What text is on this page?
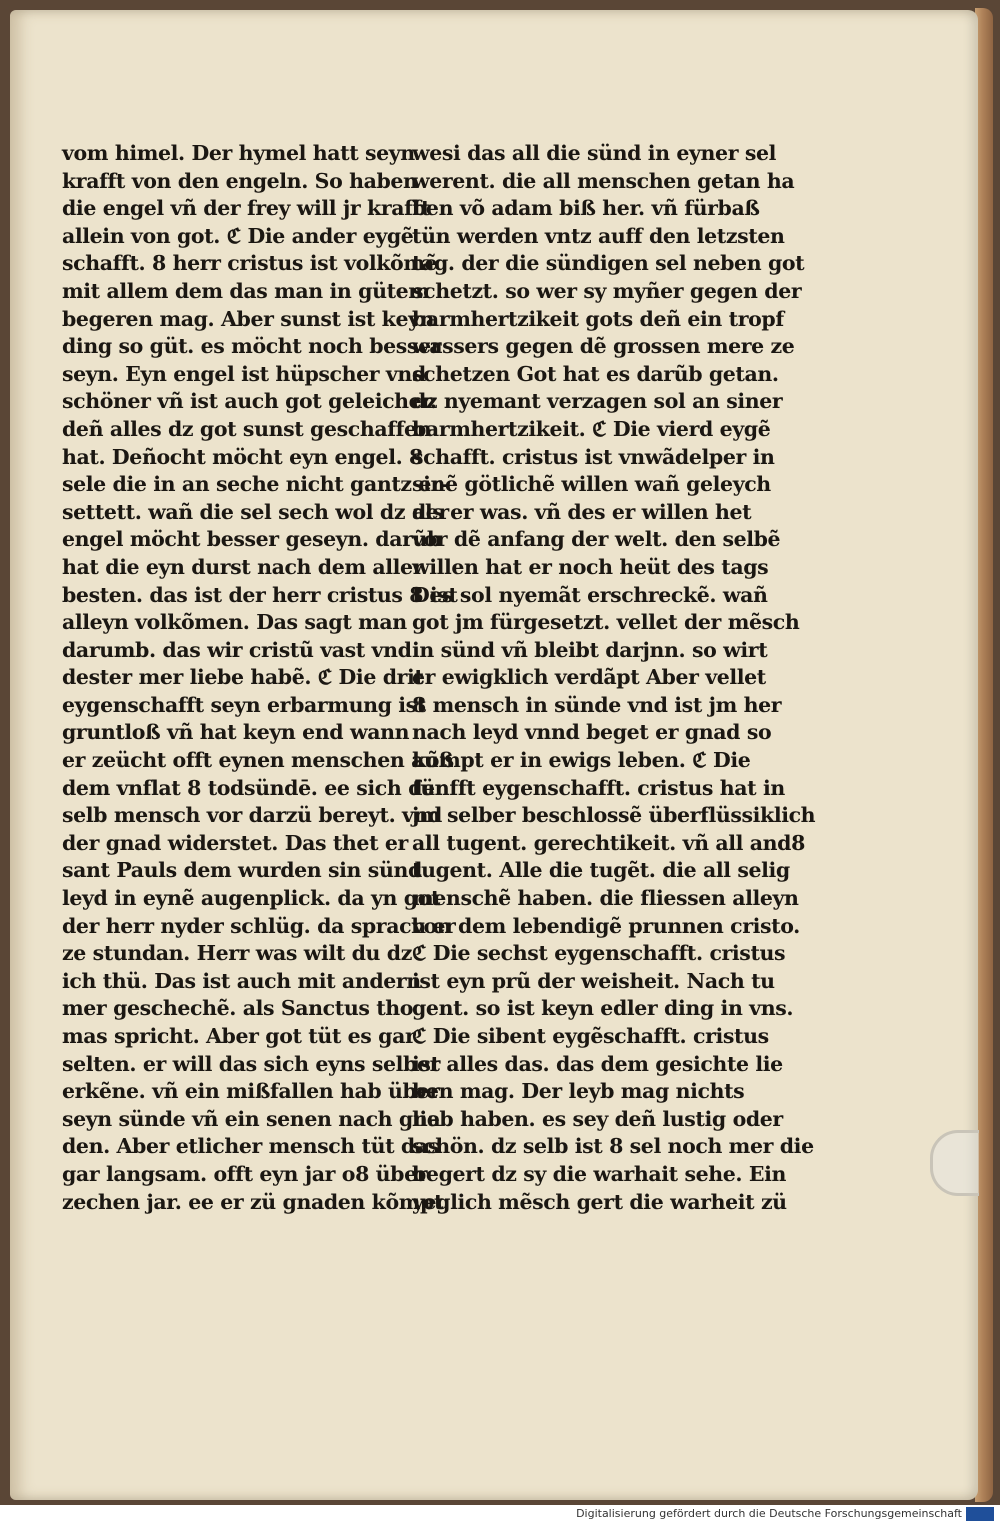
vom himel. Der hymel hatt seyn
krafft von den engeln. So haben
die engel vñ der frey will jr krafft
allein von got. ℭ Die ander eygẽ
schafft. 8 herr cristus ist volkõmẽ
mit allem dem das man in gütem
begeren mag. Aber sunst ist keyn
ding so güt. es möcht noch besser
seyn. Eyn engel ist hüpscher vnd
schöner vñ ist auch got geleicher.
deñ alles dz got sunst geschaffen
hat. Deñocht möcht eyn engel. 8
sele die in an seche nicht gantz er-
settett. wañ die sel sech wol dz der
engel möcht besser geseyn. darũb
hat die eyn durst nach dem aller
besten. das ist der herr cristus 8 ist
alleyn volkõmen. Das sagt man
darumb. das wir cristũ vast vnd
dester mer liebe habẽ. ℭ Die drit
eygenschafft seyn erbarmung ist
gruntloß vñ hat keyn end wann
er zeücht offt eynen menschen auß
dem vnflat 8 todsündē. ee sich der
selb mensch vor darzü bereyt. vnd
der gnad widerstet. Das thet er
sant Pauls dem wurden sin sünd
leyd in eynẽ augenplick. da yn got
der herr nyder schlüg. da sprach er
ze stundan. Herr was wilt du dz
ich thü. Das ist auch mit andern
mer geschechẽ. als Sanctus tho
mas spricht. Aber got tüt es gar
selten. er will das sich eyns selber
erkẽne. vñ ein mißfallen hab über
seyn sünde vñ ein senen nach gna
den. Aber etlicher mensch tüt das
gar langsam. offt eyn jar o8 über
zechen jar. ee er zü gnaden kõmpt
wesi das all die sünd in eyner sel
werent. die all menschen getan ha
ben võ adam biß her. vñ fürbaß
tün werden vntz auff den letzsten
tag. der die sündigen sel neben got
schetzt. so wer sy myñer gegen der
barmhertzikeit gots deñ ein tropf
wassers gegen dẽ grossen mere ze
schetzen Got hat es darũb getan.
dz nyemant verzagen sol an siner
barmhertzikeit. ℭ Die vierd eygẽ
schafft. cristus ist vnwãdelper in
sinẽ götlichẽ willen wañ geleych
als er was. vñ des er willen het
vor dẽ anfang der welt. den selbẽ
willen hat er noch heüt des tags
Des sol nyemãt erschreckẽ. wañ
got jm fürgesetzt. vellet der mẽsch
in sünd vñ bleibt darjnn. so wirt
er ewigklich verdãpt Aber vellet
8 mensch in sünde vnd ist jm her
nach leyd vnnd beget er gnad so
kõmpt er in ewigs leben. ℭ Die
fünfft eygenschafft. cristus hat in
jm selber beschlossẽ überflüssiklich
all tugent. gerechtikeit. vñ all and8
tugent. Alle die tugẽt. die all selig
menschẽ haben. die fliessen alleyn
von dem lebendigẽ prunnen cristo.
ℭ Die sechst eygenschafft. cristus
ist eyn prũ der weisheit. Nach tu
gent. so ist keyn edler ding in vns.
ℭ Die sibent eygẽschafft. cristus
ist alles das. das dem gesichte lie
ben mag. Der leyb mag nichts
lieb haben. es sey deñ lustig oder
schön. dz selb ist 8 sel noch mer die
begert dz sy die warhait sehe. Ein
yeglich mẽsch gert die warheit zü
Digitalisierung gefördert durch die Deutsche Forschungsgemeinschaft
